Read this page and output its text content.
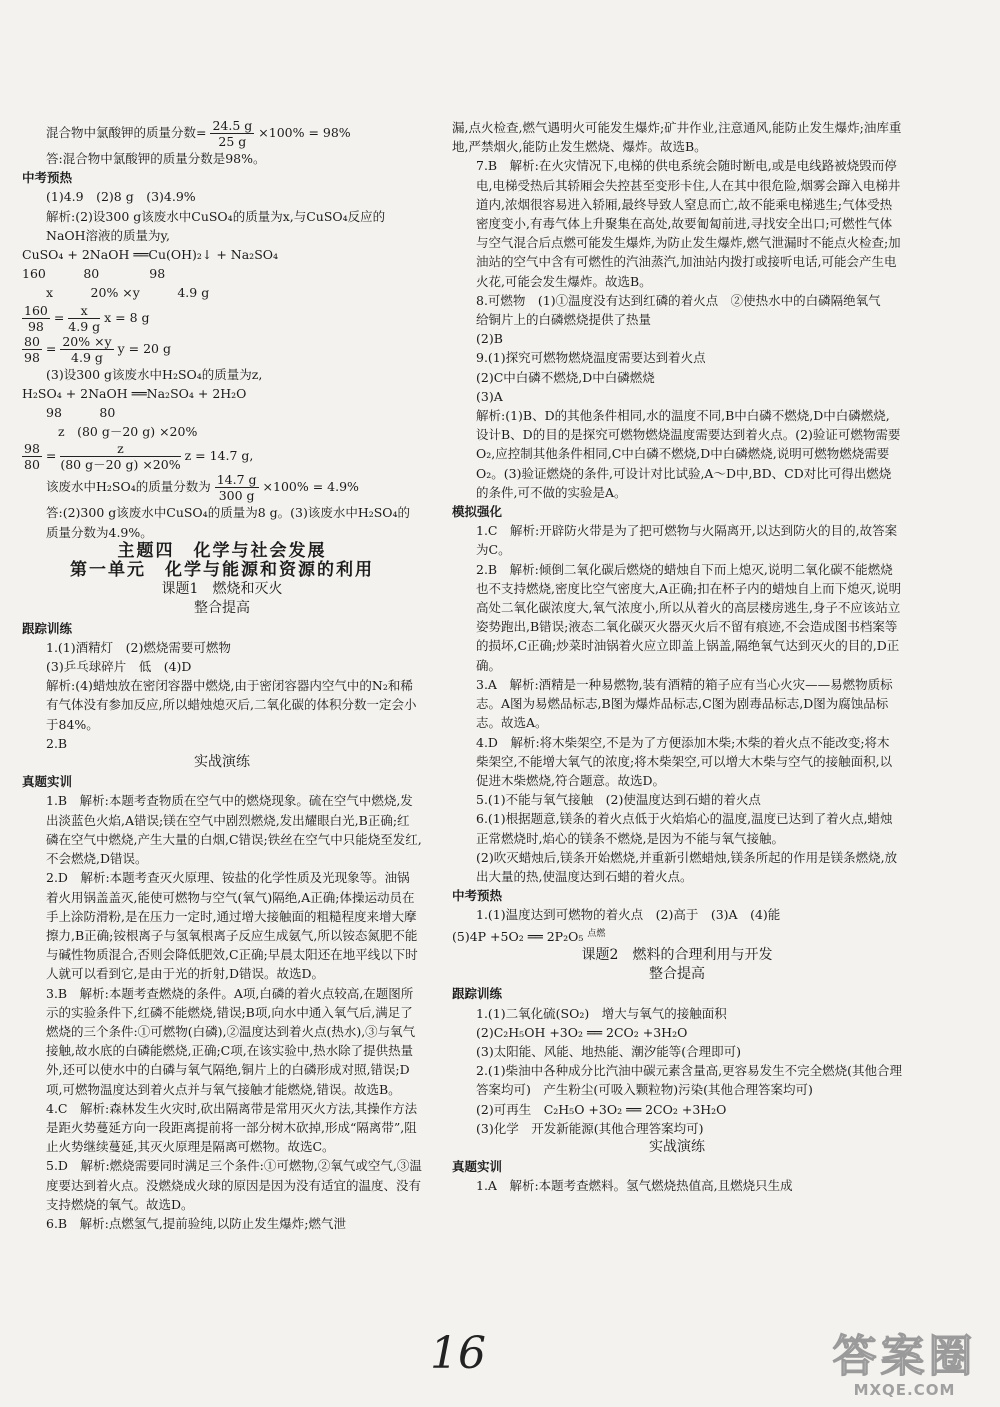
混合物中氯酸钾的质量分数= $\frac{24.5 g}{25 g} \times 100\% = 98\%$

答:混合物中氯酸钾的质量分数是98%。

中考预热

(1)4.9　(2)8 g　(3)4.9%

解析:(2)设300 g该废水中CuSO₄的质量为x,与CuSO₄反应的NaOH溶液的质量为y,

CuSO₄ + 2NaOH ══Cu(OH)₂↓ + Na₂SO₄

160　　　80　　　　98

x　　　20% ×y　　　4.9 g

$\frac{160}{98} = \frac{x}{4.9 g}$ x = 8 g

$\frac{80}{98} = \frac{20\% \times y}{4.9 g}$ y = 20 g

(3)设300 g该废水中H₂SO₄的质量为z,

H₂SO₄ + 2NaOH ══Na₂SO₄ + 2H₂O

98　　　80

z　(80 g－20 g) ×20%

$\frac{98}{80} = \frac{z}{(80 g-20 g) \times 20\%}$ z = 14.7 g,

该废水中H₂SO₄的质量分数为 $\frac{14.7 g}{300 g} \times 100\% = 4.9\%$

答:(2)300 g该废水中CuSO₄的质量为8 g。(3)该废水中H₂SO₄的质量分数为4.9%。

主题四　化学与社会发展

第一单元　化学与能源和资源的利用

课题1　燃烧和灭火

整合提高

跟踪训练

1.(1)酒精灯　(2)燃烧需要可燃物

(3)乒乓球碎片　低　(4)D

解析:(4)蜡烛放在密闭容器中燃烧,由于密闭容器内空气中的N₂和稀有气体没有参加反应,所以蜡烛熄灭后,二氧化碳的体积分数一定会小于84%。

2.B

实战演练

真题实训

1.B　解析:本题考查物质在空气中的燃烧现象。硫在空气中燃烧,发出淡蓝色火焰,A错误;镁在空气中剧烈燃烧,发出耀眼白光,B正确;红磷在空气中燃烧,产生大量的白烟,C错误;铁丝在空气中只能烧至发红,不会燃烧,D错误。

2.D　解析:本题考查灭火原理、铵盐的化学性质及光现象等。油锅着火用锅盖盖灭,能使可燃物与空气(氧气)隔绝,A正确;体操运动员在手上涂防滑粉,是在压力一定时,通过增大接触面的粗糙程度来增大摩擦力,B正确;铵根离子与氢氧根离子反应生成氨气,所以铵态氮肥不能与碱性物质混合,否则会降低肥效,C正确;早晨太阳还在地平线以下时人就可以看到它,是由于光的折射,D错误。故选D。

3.B　解析:本题考查燃烧的条件。A项,白磷的着火点较高,在题图所示的实验条件下,红磷不能燃烧,错误;B项,向水中通入氧气后,满足了燃烧的三个条件:①可燃物(白磷),②温度达到着火点(热水),③与氧气接触,故水底的白磷能燃烧,正确;C项,在该实验中,热水除了提供热量外,还可以使水中的白磷与氧气隔绝,铜片上的白磷形成对照,错误;D项,可燃物温度达到着火点并与氧气接触才能燃烧,错误。故选B。

4.C　解析:森林发生火灾时,砍出隔离带是常用灭火方法,其操作方法是距火势蔓延方向一段距离提前将一部分树木砍掉,形成“隔离带”,阻止火势继续蔓延,其灭火原理是隔离可燃物。故选C。

5.D　解析:燃烧需要同时满足三个条件:①可燃物,②氧气或空气,③温度要达到着火点。没燃烧成火球的原因是因为没有适宜的温度、没有支持燃烧的氧气。故选D。

6.B　解析:点燃氢气,提前验纯,以防止发生爆炸;燃气泄

漏,点火检查,燃气遇明火可能发生爆炸;矿井作业,注意通风,能防止发生爆炸;油库重地,严禁烟火,能防止发生燃烧、爆炸。故选B。

7.B　解析:在火灾情况下,电梯的供电系统会随时断电,或是电线路被烧毁而停电,电梯受热后其轿厢会失控甚至变形卡住,人在其中很危险,烟雾会蹿入电梯井道内,浓烟很容易进入轿厢,最终导致人窒息而亡,故不能乘电梯逃生;气体受热密度变小,有毒气体上升聚集在高处,故要匍匐前进,寻找安全出口;可燃性气体与空气混合后点燃可能发生爆炸,为防止发生爆炸,燃气泄漏时不能点火检查;加油站的空气中含有可燃性的汽油蒸汽,加油站内拨打或接听电话,可能会产生电火花,可能会发生爆炸。故选B。

8.可燃物　(1)①温度没有达到红磷的着火点　②使热水中的白磷隔绝氧气　给铜片上的白磷燃烧提供了热量

(2)B

9.(1)探究可燃物燃烧温度需要达到着火点

(2)C中白磷不燃烧,D中白磷燃烧

(3)A

解析:(1)B、D的其他条件相同,水的温度不同,B中白磷不燃烧,D中白磷燃烧,设计B、D的目的是探究可燃物燃烧温度需要达到着火点。(2)验证可燃物需要O₂,应控制其他条件相同,C中白磷不燃烧,D中白磷燃烧,说明可燃物燃烧需要O₂。(3)验证燃烧的条件,可设计对比试验,A～D中,BD、CD对比可得出燃烧的条件,可不做的实验是A。

模拟强化

1.C　解析:开辟防火带是为了把可燃物与火隔离开,以达到防火的目的,故答案为C。

2.B　解析:倾倒二氧化碳后燃烧的蜡烛自下而上熄灭,说明二氧化碳不能燃烧也不支持燃烧,密度比空气密度大,A正确;扣在杯子内的蜡烛自上而下熄灭,说明高处二氧化碳浓度大,氧气浓度小,所以从着火的高层楼房逃生,身子不应该站立姿势跑出,B错误;液态二氧化碳灭火器灭火后不留有痕迹,不会造成图书档案等的损坏,C正确;炒菜时油锅着火应立即盖上锅盖,隔绝氧气达到灭火的目的,D正确。

3.A　解析:酒精是一种易燃物,装有酒精的箱子应有当心火灾——易燃物质标志。A图为易燃品标志,B图为爆炸品标志,C图为剧毒品标志,D图为腐蚀品标志。故选A。

4.D　解析:将木柴架空,不是为了方便添加木柴;木柴的着火点不能改变;将木柴架空,不能增大氧气的浓度;将木柴架空,可以增大木柴与空气的接触面积,以促进木柴燃烧,符合题意。故选D。

5.(1)不能与氧气接触　(2)使温度达到石蜡的着火点

6.(1)根据题意,镁条的着火点低于火焰焰心的温度,温度已达到了着火点,蜡烛正常燃烧时,焰心的镁条不燃烧,是因为不能与氧气接触。

(2)吹灭蜡烛后,镁条开始燃烧,并重新引燃蜡烛,镁条所起的作用是镁条燃烧,放出大量的热,使温度达到石蜡的着火点。

中考预热

1.(1)温度达到可燃物的着火点　(2)高于　(3)A　(4)能

(5)4P +5O₂ ══ 2P₂O₅ $^{点燃}$

课题2　燃料的合理利用与开发

整合提高

跟踪训练

1.(1)二氧化硫(SO₂)　增大与氧气的接触面积

(2)C₂H₅OH +3O₂ ══ 2CO₂ +3H₂O

(3)太阳能、风能、地热能、潮汐能等(合理即可)

2.(1)柴油中各种成分比汽油中碳元素含量高,更容易发生不完全燃烧(其他合理答案均可)　产生粉尘(可吸入颗粒物)污染(其他合理答案均可)

(2)可再生　C₂H₅O +3O₂ ══ 2CO₂ +3H₂O

(3)化学　开发新能源(其他合理答案均可)

实战演练

真题实训

1.A　解析:本题考查燃料。氢气燃烧热值高,且燃烧只生成

16	答案圈
MXQE.COM
